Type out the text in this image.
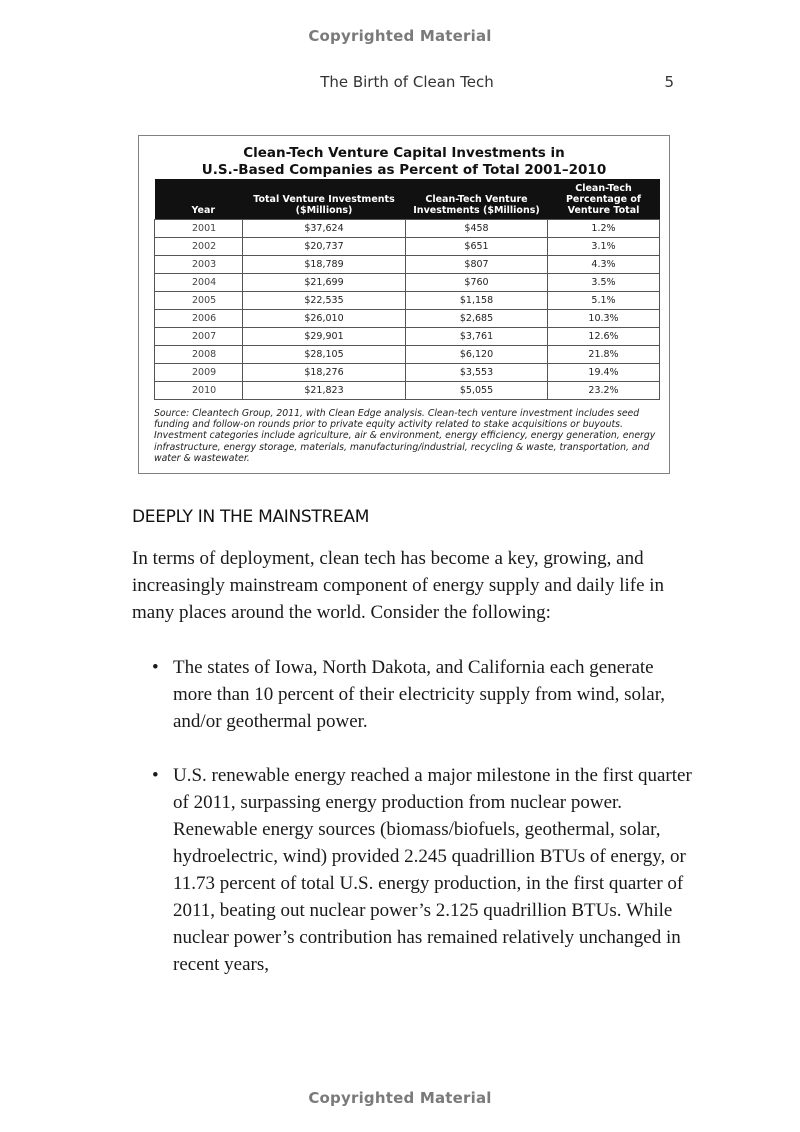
Copyrighted Material
The Birth of Clean Tech	5
Clean-Tech Venture Capital Investments in
U.S.-Based Companies as Percent of Total 2001–2010
Year	Total Venture Investments ($Millions)	Clean-Tech Venture Investments ($Millions)	Clean-Tech Percentage of Venture Total
2001	$37,624	$458	1.2%
2002	$20,737	$651	3.1%
2003	$18,789	$807	4.3%
2004	$21,699	$760	3.5%
2005	$22,535	$1,158	5.1%
2006	$26,010	$2,685	10.3%
2007	$29,901	$3,761	12.6%
2008	$28,105	$6,120	21.8%
2009	$18,276	$3,553	19.4%
2010	$21,823	$5,055	23.2%
Source: Cleantech Group, 2011, with Clean Edge analysis. Clean-tech venture investment includes seed funding and follow-on rounds prior to private equity activity related to stake acquisitions or buyouts. Investment categories include agriculture, air & environment, energy efficiency, energy generation, energy infrastructure, energy storage, materials, manufacturing/industrial, recycling & waste, transportation, and water & wastewater.
DEEPLY IN THE MAINSTREAM

In terms of deployment, clean tech has become a key, growing, and increasingly mainstream component of energy supply and daily life in many places around the world. Consider the following:

• The states of Iowa, North Dakota, and California each generate more than 10 percent of their electricity supply from wind, solar, and/or geothermal power.
• U.S. renewable energy reached a major milestone in the first quarter of 2011, surpassing energy production from nuclear power. Renewable energy sources (biomass/biofuels, geothermal, solar, hydroelectric, wind) provided 2.245 quadrillion BTUs of energy, or 11.73 percent of total U.S. energy production, in the first quarter of 2011, beating out nuclear power’s 2.125 quadrillion BTUs. While nuclear power’s contribution has remained relatively unchanged in recent years,
Copyrighted Material
